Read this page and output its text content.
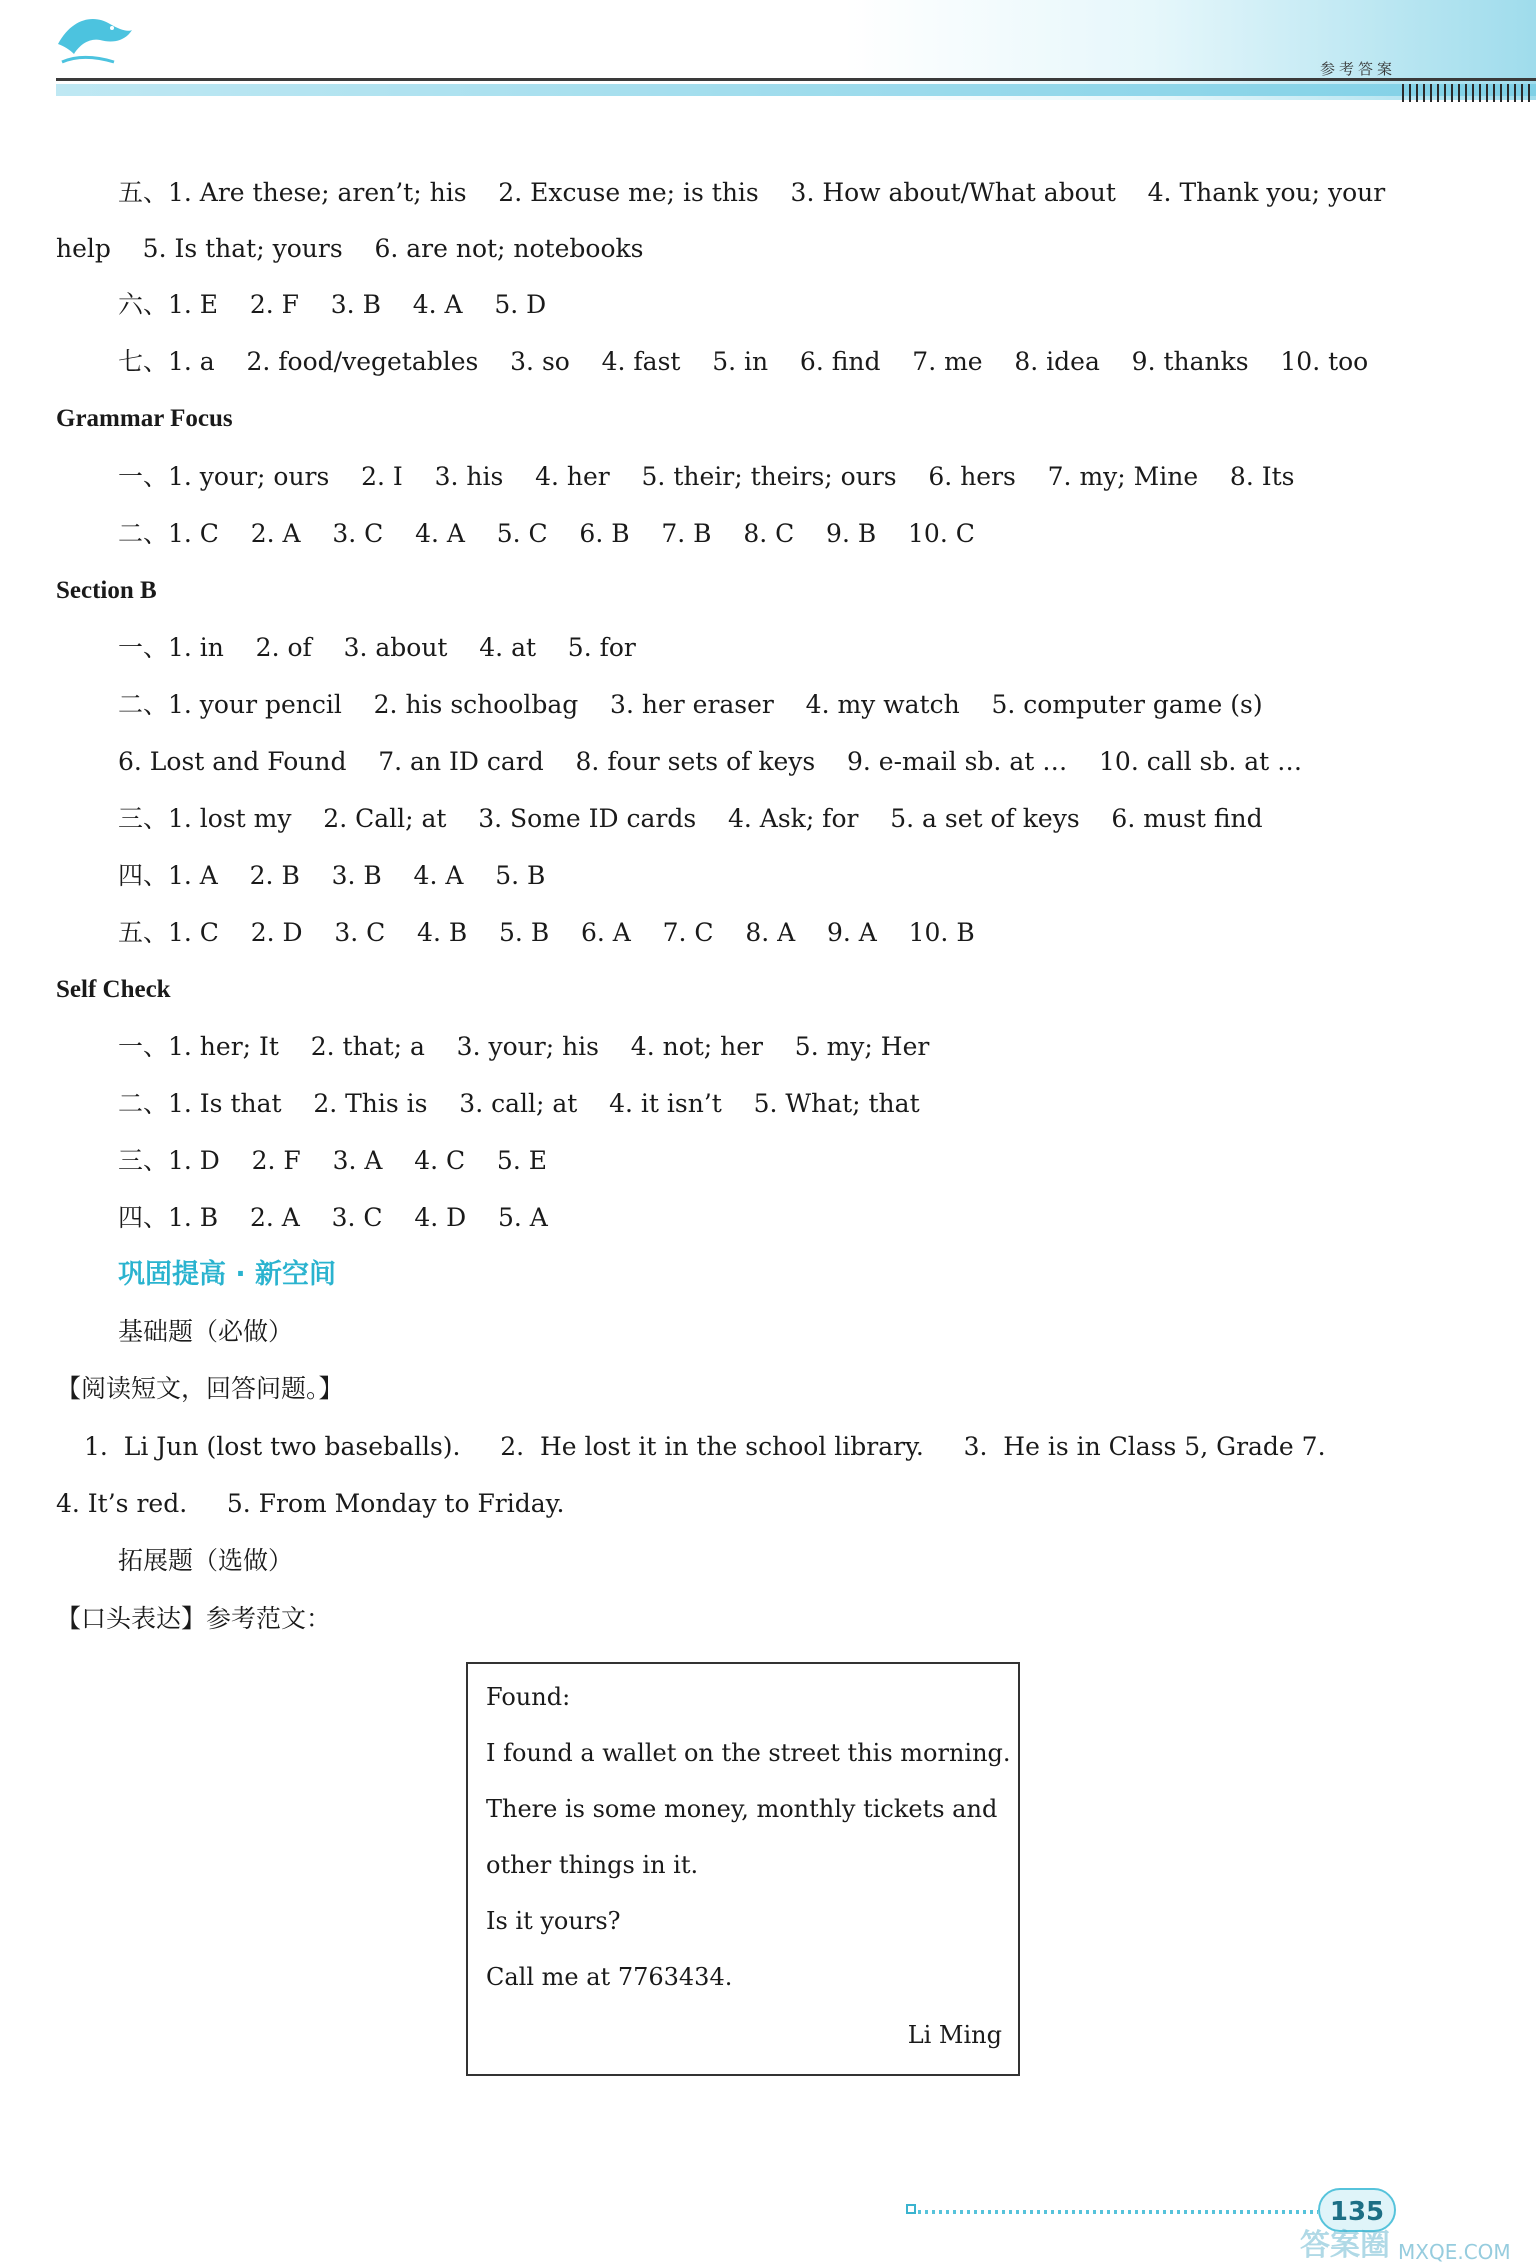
参考答案
五、1. Are these; aren’t; his    2. Excuse me; is this    3. How about/What about    4. Thank you; your
help    5. Is that; yours    6. are not; notebooks
六、1. E    2. F    3. B    4. A    5. D
七、1. a    2. food/vegetables    3. so    4. fast    5. in    6. find    7. me    8. idea    9. thanks    10. too
Grammar Focus
一、1. your; ours    2. I    3. his    4. her    5. their; theirs; ours    6. hers    7. my; Mine    8. Its
二、1. C    2. A    3. C    4. A    5. C    6. B    7. B    8. C    9. B    10. C
Section B
一、1. in    2. of    3. about    4. at    5. for
二、1. your pencil    2. his schoolbag    3. her eraser    4. my watch    5. computer game (s)
6. Lost and Found    7. an ID card    8. four sets of keys    9. e-mail sb. at …    10. call sb. at …
三、1. lost my    2. Call; at    3. Some ID cards    4. Ask; for    5. a set of keys    6. must find
四、1. A    2. B    3. B    4. A    5. B
五、1. C    2. D    3. C    4. B    5. B    6. A    7. C    8. A    9. A    10. B
Self Check
一、1. her; It    2. that; a    3. your; his    4. not; her    5. my; Her
二、1. Is that    2. This is    3. call; at    4. it isn’t    5. What; that
三、1. D    2. F    3. A    4. C    5. E
四、1. B    2. A    3. C    4. D    5. A
巩固提高 · 新空间
基础题（必做）
【阅读短文，回答问题。】
1.  Li Jun (lost two baseballs).     2.  He lost it in the school library.     3.  He is in Class 5, Grade 7.
4. It’s red.     5. From Monday to Friday.
拓展题（选做）
【口头表达】参考范文：
Found:
I found a wallet on the street this morning.
There is some money, monthly tickets and
other things in it.
Is it yours?
Call me at 7763434.
Li Ming
135
答案圈 MXQE.COM
